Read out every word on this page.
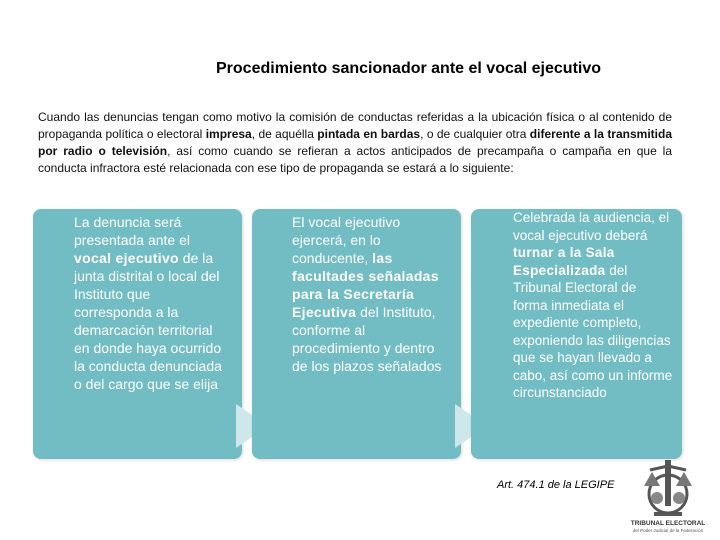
Procedimiento sancionador ante el vocal ejecutivo
Cuando las denuncias tengan como motivo la comisión de conductas referidas a la ubicación física o al contenido de propaganda política o electoral impresa, de aquélla pintada en bardas, o de cualquier otra diferente a la transmitida por radio o televisión, así como cuando se refieran a actos anticipados de precampaña o campaña en que la conducta infractora esté relacionada con ese tipo de propaganda se estará a lo siguiente:
La denuncia será presentada ante el vocal ejecutivo de la junta distrital o local del Instituto que corresponda a la demarcación territorial en donde haya ocurrido la conducta denunciada o del cargo que se elija
El vocal ejecutivo ejercerá, en lo conducente, las facultades señaladas para la Secretaría Ejecutiva del Instituto, conforme al procedimiento y dentro de los plazos señalados
Celebrada la audiencia, el vocal ejecutivo deberá turnar a la Sala Especializada del Tribunal Electoral de forma inmediata el expediente completo, exponiendo las diligencias que se hayan llevado a cabo, así como un informe circunstanciado
Art. 474.1 de la LEGIPE
TRIBUNAL ELECTORAL
del Poder Judicial de la Federación
